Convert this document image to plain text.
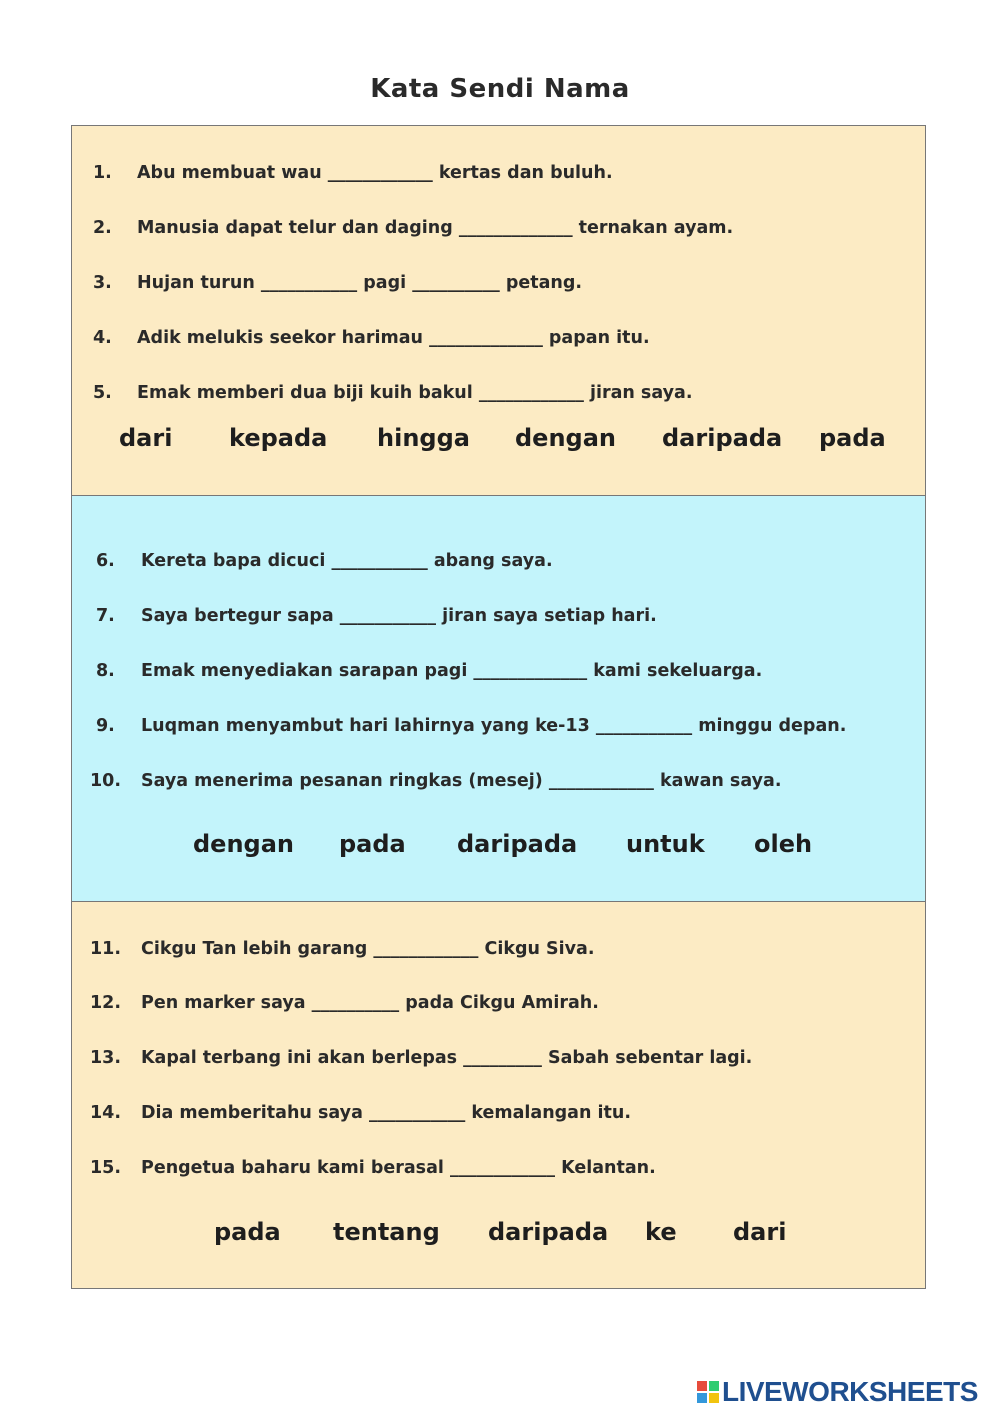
Kata Sendi Nama
1. Abu membuat wau ____________ kertas dan buluh.
2. Manusia dapat telur dan daging _____________ ternakan ayam.
3. Hujan turun ___________ pagi __________ petang.
4. Adik melukis seekor harimau _____________ papan itu.
5. Emak memberi dua biji kuih bakul ____________ jiran saya.
dari kepada hingga dengan daripada pada
6. Kereta bapa dicuci ___________ abang saya.
7. Saya bertegur sapa ___________ jiran saya setiap hari.
8. Emak menyediakan sarapan pagi _____________ kami sekeluarga.
9. Luqman menyambut hari lahirnya yang ke-13 ___________ minggu depan.
10. Saya menerima pesanan ringkas (mesej) ____________ kawan saya.
dengan pada daripada untuk oleh
11. Cikgu Tan lebih garang ____________ Cikgu Siva.
12. Pen marker saya __________ pada Cikgu Amirah.
13. Kapal terbang ini akan berlepas _________ Sabah sebentar lagi.
14. Dia memberitahu saya ___________ kemalangan itu.
15. Pengetua baharu kami berasal ____________ Kelantan.
pada tentang daripada ke dari
LIVEWORKSHEETS
